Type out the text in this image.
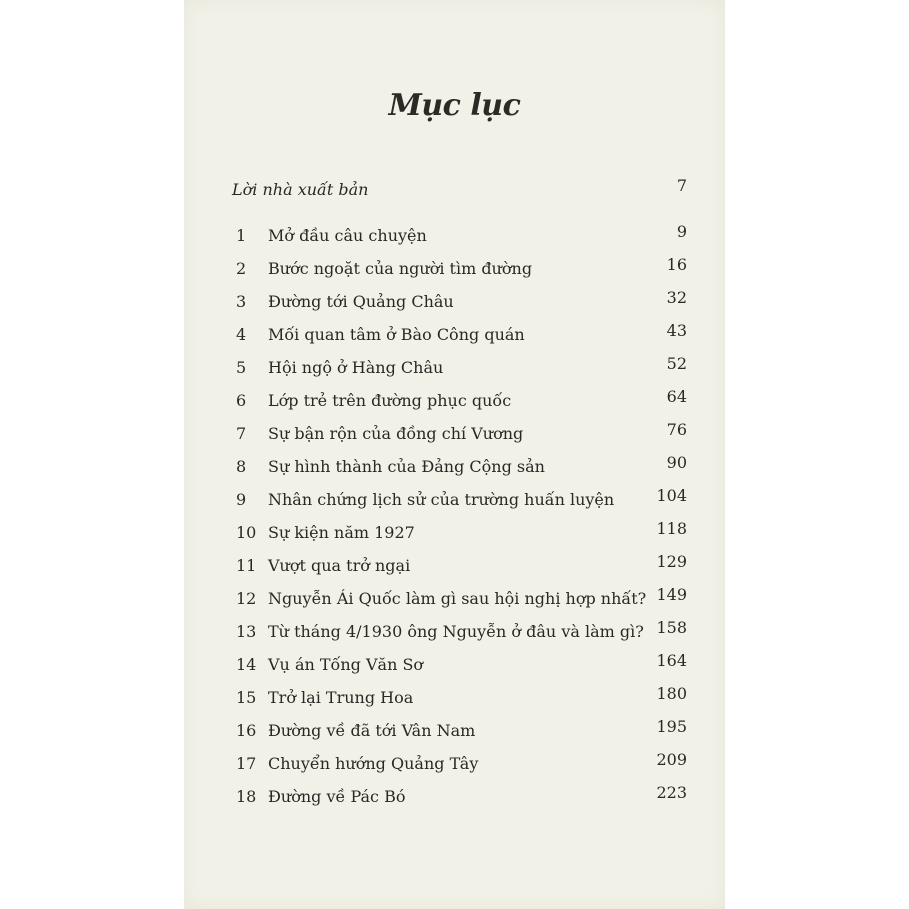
Mục lục
Lời nhà xuất bản	7
1 Mở đầu câu chuyện	9
2 Bước ngoặt của người tìm đường	16
3 Đường tới Quảng Châu	32
4 Mối quan tâm ở Bào Công quán	43
5 Hội ngộ ở Hàng Châu	52
6 Lớp trẻ trên đường phục quốc	64
7 Sự bận rộn của đồng chí Vương	76
8 Sự hình thành của Đảng Cộng sản	90
9 Nhân chứng lịch sử của trường huấn luyện	104
10 Sự kiện năm 1927	118
11 Vượt qua trở ngại	129
12 Nguyễn Ái Quốc làm gì sau hội nghị hợp nhất? 149
13 Từ tháng 4/1930 ông Nguyễn ở đâu và làm gì? 158
14 Vụ án Tống Văn Sơ	164
15 Trở lại Trung Hoa	180
16 Đường về đã tới Vân Nam	195
17 Chuyển hướng Quảng Tây	209
18 Đường về Pác Bó	223
